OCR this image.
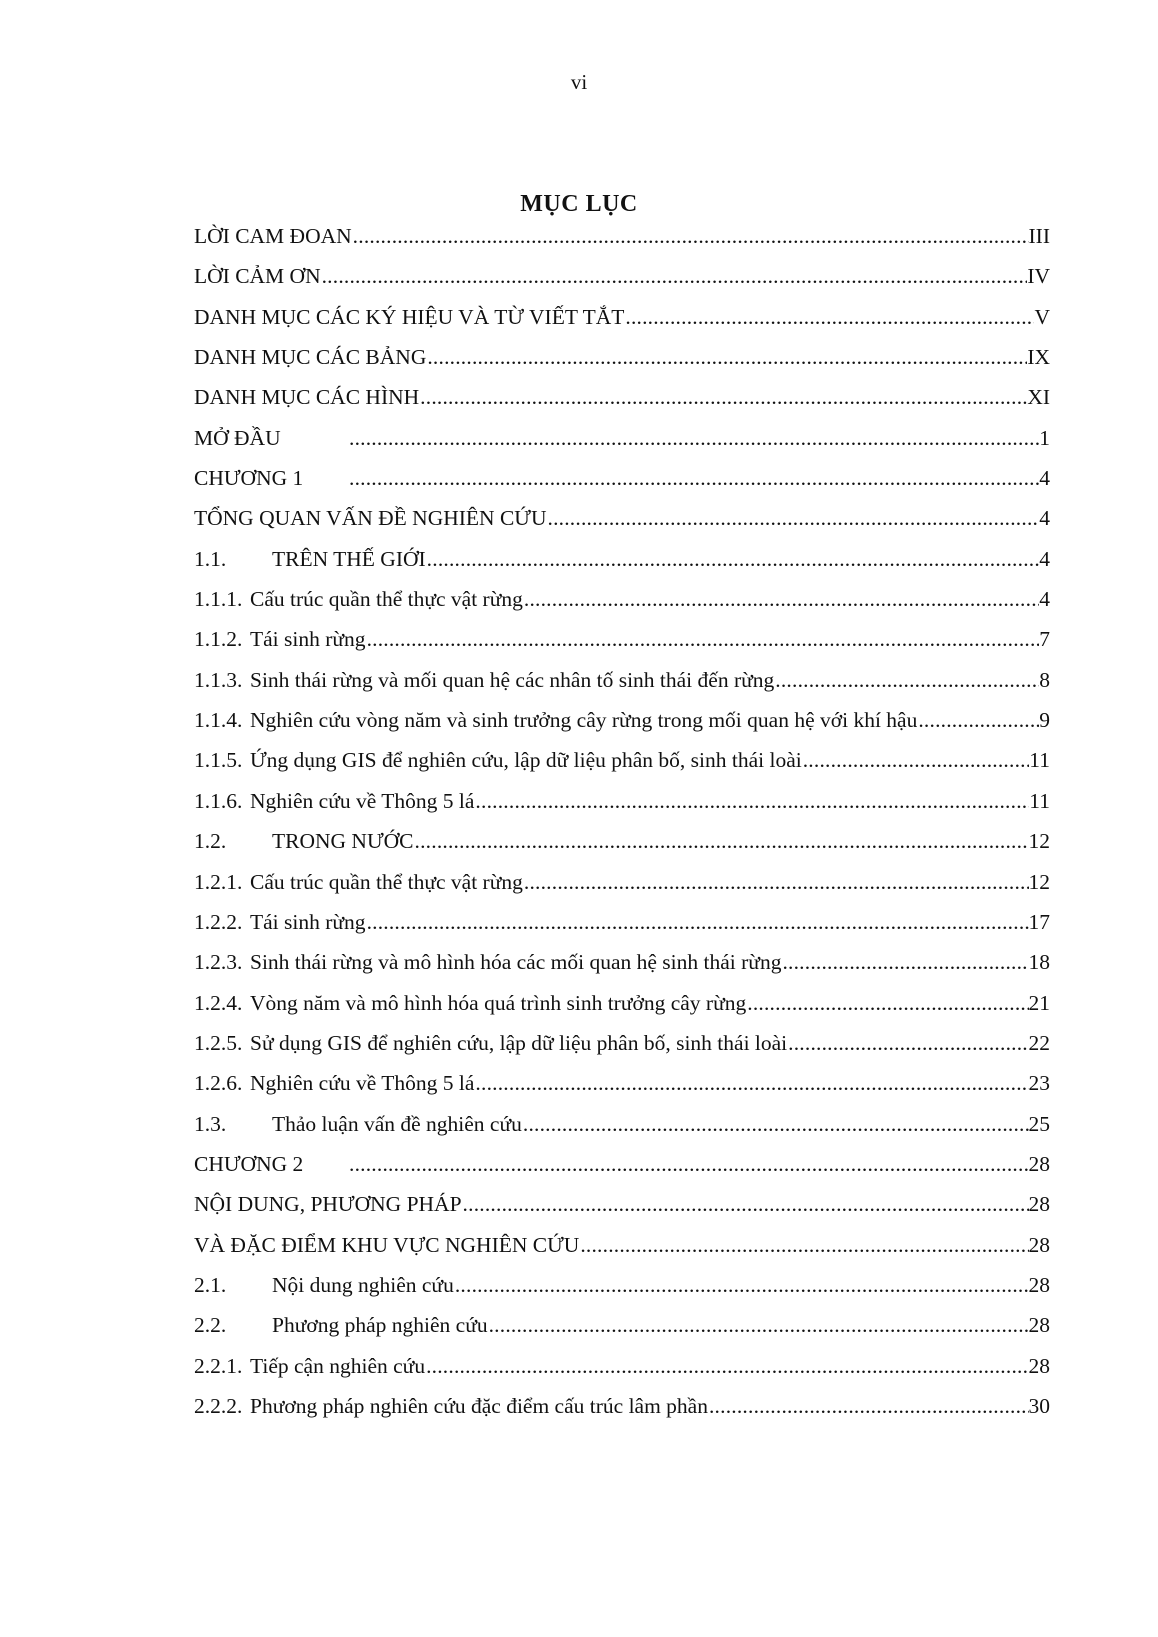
vi
MỤC LỤC
LỜI CAM ĐOAN .....	III
LỜI CẢM ƠN .....	IV
DANH MỤC CÁC KÝ HIỆU VÀ TỪ VIẾT TẮT .....	V
DANH MỤC CÁC BẢNG .....	IX
DANH MỤC CÁC HÌNH .....	XI
MỞ ĐẦU .....	1
CHƯƠNG 1 .....	4
TỔNG QUAN VẤN ĐỀ NGHIÊN CỨU .....	4
1.1.	TRÊN THẾ GIỚI .....	4
1.1.1. Cấu trúc quần thể thực vật rừng .....	4
1.1.2. Tái sinh rừng .....	7
1.1.3. Sinh thái rừng và mối quan hệ các nhân tố sinh thái đến rừng .....	8
1.1.4. Nghiên cứu vòng năm và sinh trưởng cây rừng trong mối quan hệ với khí hậu .....	9
1.1.5. Ứng dụng GIS để nghiên cứu, lập dữ liệu phân bố, sinh thái loài .....	11
1.1.6. Nghiên cứu về Thông 5 lá .....	11
1.2.	TRONG NƯỚC .....	12
1.2.1. Cấu trúc quần thể thực vật rừng .....	12
1.2.2. Tái sinh rừng .....	17
1.2.3. Sinh thái rừng và mô hình hóa các mối quan hệ sinh thái rừng .....	18
1.2.4. Vòng năm và mô hình hóa quá trình sinh trưởng cây rừng .....	21
1.2.5. Sử dụng GIS để nghiên cứu, lập dữ liệu phân bố, sinh thái loài .....	22
1.2.6. Nghiên cứu về Thông 5 lá .....	23
1.3.	Thảo luận vấn đề nghiên cứu .....	25
CHƯƠNG 2 .....	28
NỘI DUNG, PHƯƠNG PHÁP .....	28
VÀ ĐẶC ĐIỂM KHU VỰC NGHIÊN CỨU .....	28
2.1.	Nội dung nghiên cứu .....	28
2.2.	Phương pháp nghiên cứu .....	28
2.2.1. Tiếp cận nghiên cứu .....	28
2.2.2. Phương pháp nghiên cứu đặc điểm cấu trúc lâm phần .....	30
